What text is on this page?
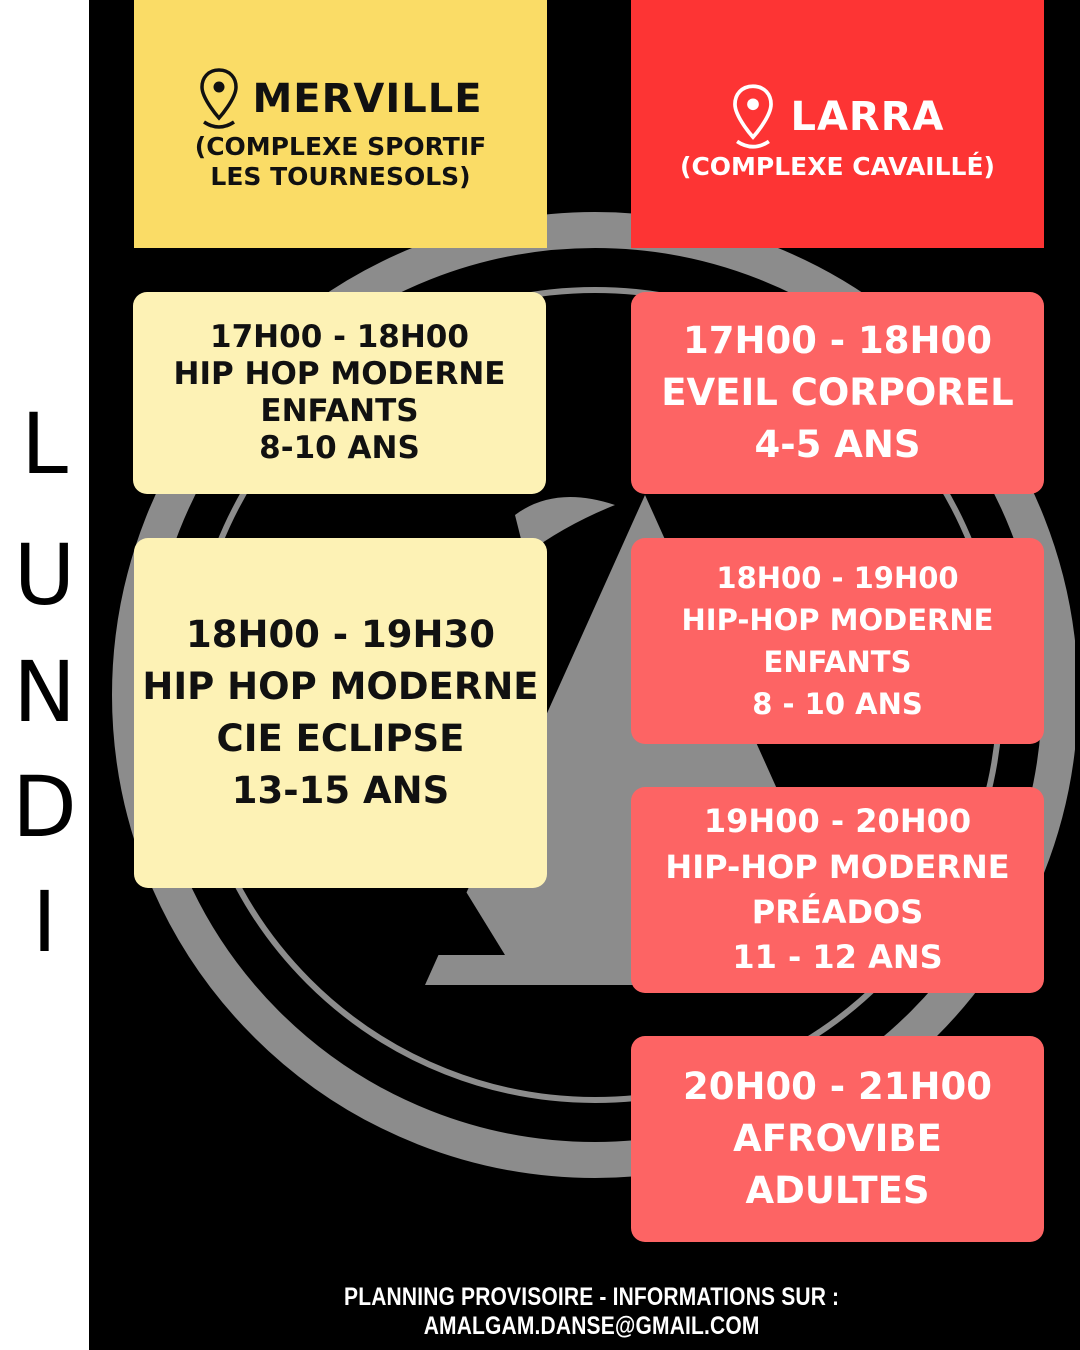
L
U
N
D
I
MERVILLE
(COMPLEXE SPORTIF
LES TOURNESOLS)
LARRA
(COMPLEXE CAVAILLÉ)
17H00 - 18H00
HIP HOP MODERNE
ENFANTS
8-10 ANS
18H00 - 19H30
HIP HOP MODERNE
CIE ECLIPSE
13-15 ANS
17H00 - 18H00
EVEIL CORPOREL
4-5 ANS
18H00 - 19H00
HIP-HOP MODERNE
ENFANTS
8 - 10 ANS
19H00 - 20H00
HIP-HOP MODERNE
PRÉADOS
11 - 12 ANS
20H00 - 21H00
AFROVIBE
ADULTES
PLANNING PROVISOIRE - INFORMATIONS SUR : AMALGAM.DANSE@GMAIL.COM
